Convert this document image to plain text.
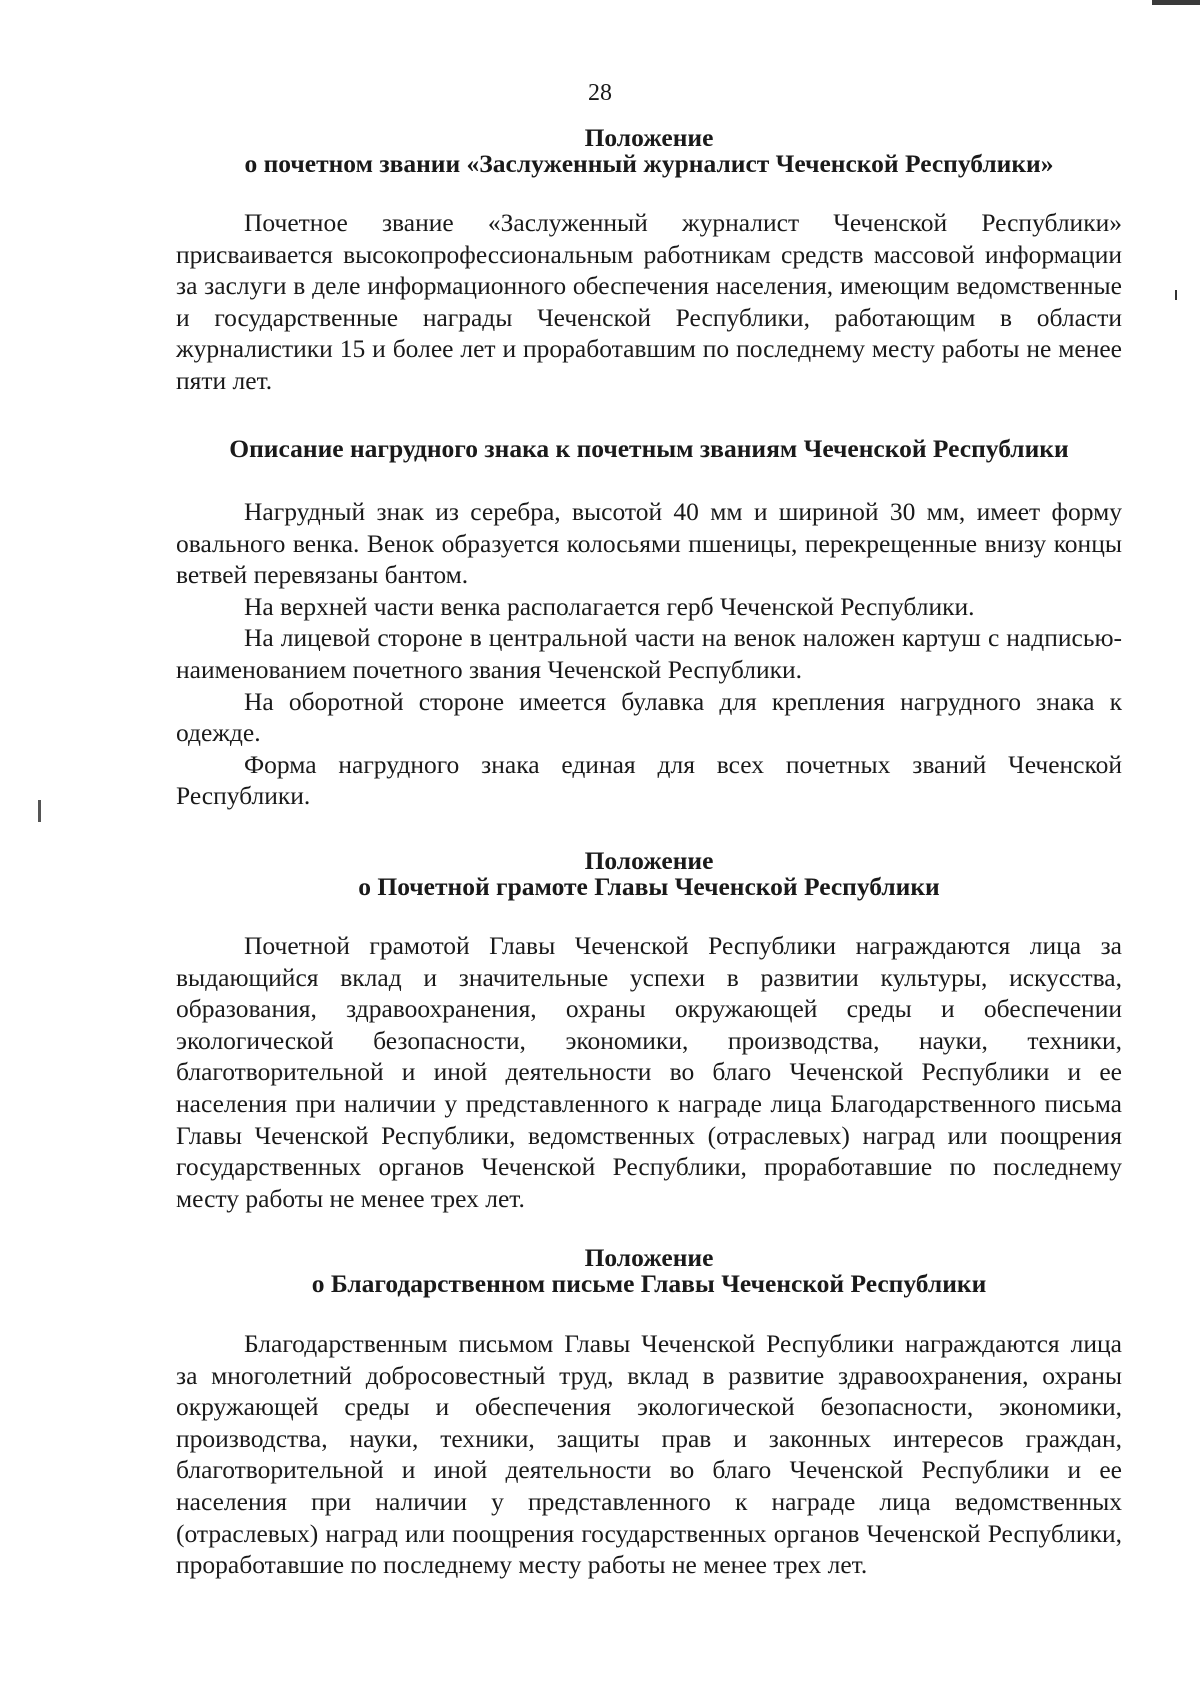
28

Положение

о почетном звании «Заслуженный журналист Чеченской Республики»

Почетное звание «Заслуженный журналист Чеченской Республики» присваивается высокопрофессиональным работникам средств массовой информации за заслуги в деле информационного обеспечения населения, имеющим ведомственные и государственные награды Чеченской Республики, работающим в области журналистики 15 и более лет и проработавшим по последнему месту работы не менее пяти лет.

Описание нагрудного знака к почетным званиям Чеченской Республики

Нагрудный знак из серебра, высотой 40 мм и шириной 30 мм, имеет форму овального венка. Венок образуется колосьями пшеницы, перекрещенные внизу концы ветвей перевязаны бантом.

На верхней части венка располагается герб Чеченской Республики.

На лицевой стороне в центральной части на венок наложен картуш с надписью-наименованием почетного звания Чеченской Республики.

На оборотной стороне имеется булавка для крепления нагрудного знака к одежде.

Форма нагрудного знака единая для всех почетных званий Чеченской Республики.

Положение

о Почетной грамоте Главы Чеченской Республики

Почетной грамотой Главы Чеченской Республики награждаются лица за выдающийся вклад и значительные успехи в развитии культуры, искусства, образования, здравоохранения, охраны окружающей среды и обеспечении экологической безопасности, экономики, производства, науки, техники, благотворительной и иной деятельности во благо Чеченской Республики и ее населения при наличии у представленного к награде лица Благодарственного письма Главы Чеченской Республики, ведомственных (отраслевых) наград или поощрения государственных органов Чеченской Республики, проработавшие по последнему месту работы не менее трех лет.

Положение

о Благодарственном письме Главы Чеченской Республики

Благодарственным письмом Главы Чеченской Республики награждаются лица за многолетний добросовестный труд, вклад в развитие здравоохранения, охраны окружающей среды и обеспечения экологической безопасности, экономики, производства, науки, техники, защиты прав и законных интересов граждан, благотворительной и иной деятельности во благо Чеченской Республики и ее населения при наличии у представленного к награде лица ведомственных (отраслевых) наград или поощрения государственных органов Чеченской Республики, проработавшие по последнему месту работы не менее трех лет.
